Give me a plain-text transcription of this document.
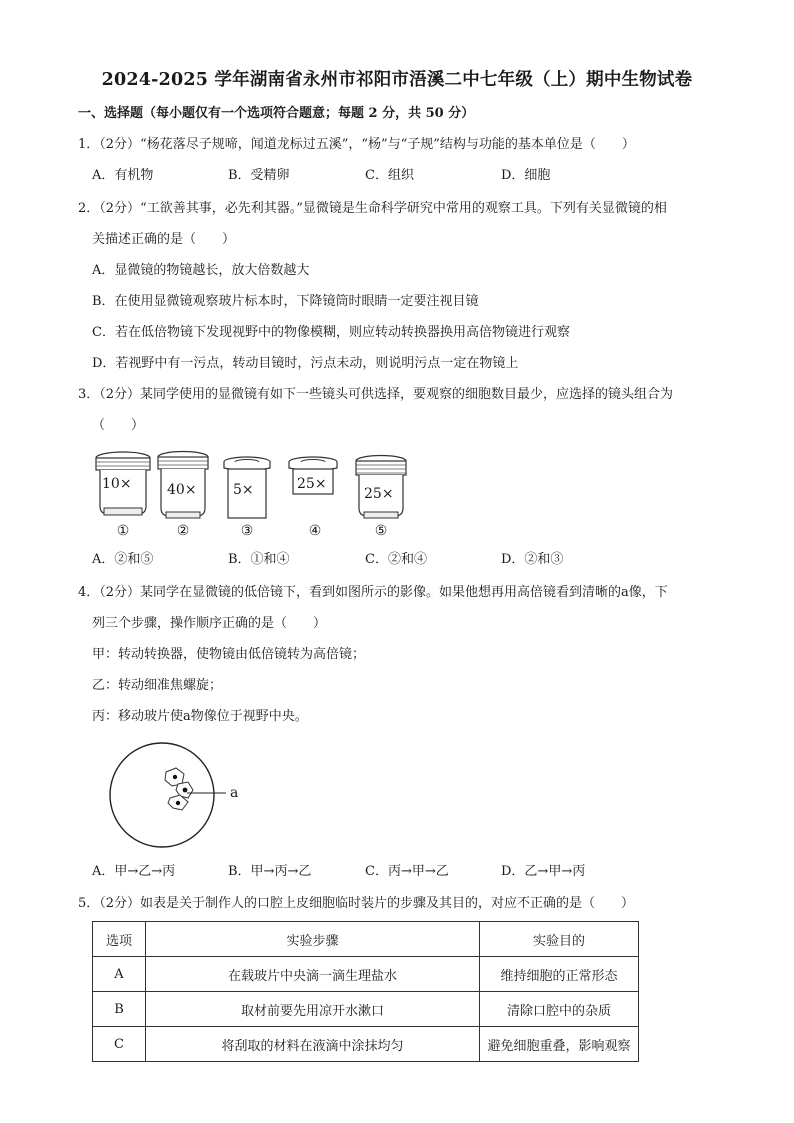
2024-2025 学年湖南省永州市祁阳市浯溪二中七年级（上）期中生物试卷
一、选择题（每小题仅有一个选项符合题意；每题 2 分，共 50 分）
1．（2分）“杨花落尽子规啼，闻道龙标过五溪”，“杨”与“子规”结构与功能的基本单位是（　　）
A．有机物	B．受精卵	C．组织	D．细胞
2．（2分）“工欲善其事，必先利其器。”显微镜是生命科学研究中常用的观察工具。下列有关显微镜的相
关描述正确的是（　　）
A．显微镜的物镜越长，放大倍数越大
B．在使用显微镜观察玻片标本时，下降镜筒时眼睛一定要注视目镜
C．若在低倍物镜下发现视野中的物像模糊，则应转动转换器换用高倍物镜进行观察
D．若视野中有一污点，转动目镜时，污点未动，则说明污点一定在物镜上
3．（2分）某同学使用的显微镜有如下一些镜头可供选择，要观察的细胞数目最少，应选择的镜头组合为
（　　）
10×
①
40×
②
5×
③
25×
④
25×
⑤
A．②和⑤	B．①和④	C．②和④	D．②和③
4．（2分）某同学在显微镜的低倍镜下，看到如图所示的影像。如果他想再用高倍镜看到清晰的a像，下
列三个步骤，操作顺序正确的是（　　）
甲：转动转换器，使物镜由低倍镜转为高倍镜；
乙：转动细准焦螺旋；
丙：移动玻片使a物像位于视野中央。
a
A．甲→乙→丙	B．甲→丙→乙	C．丙→甲→乙	D．乙→甲→丙
5．（2分）如表是关于制作人的口腔上皮细胞临时装片的步骤及其目的，对应不正确的是（　　）
选项	实验步骤	实验目的
A	在载玻片中央滴一滴生理盐水	维持细胞的正常形态
B	取材前要先用凉开水漱口	清除口腔中的杂质
C	将刮取的材料在液滴中涂抹均匀	避免细胞重叠，影响观察
